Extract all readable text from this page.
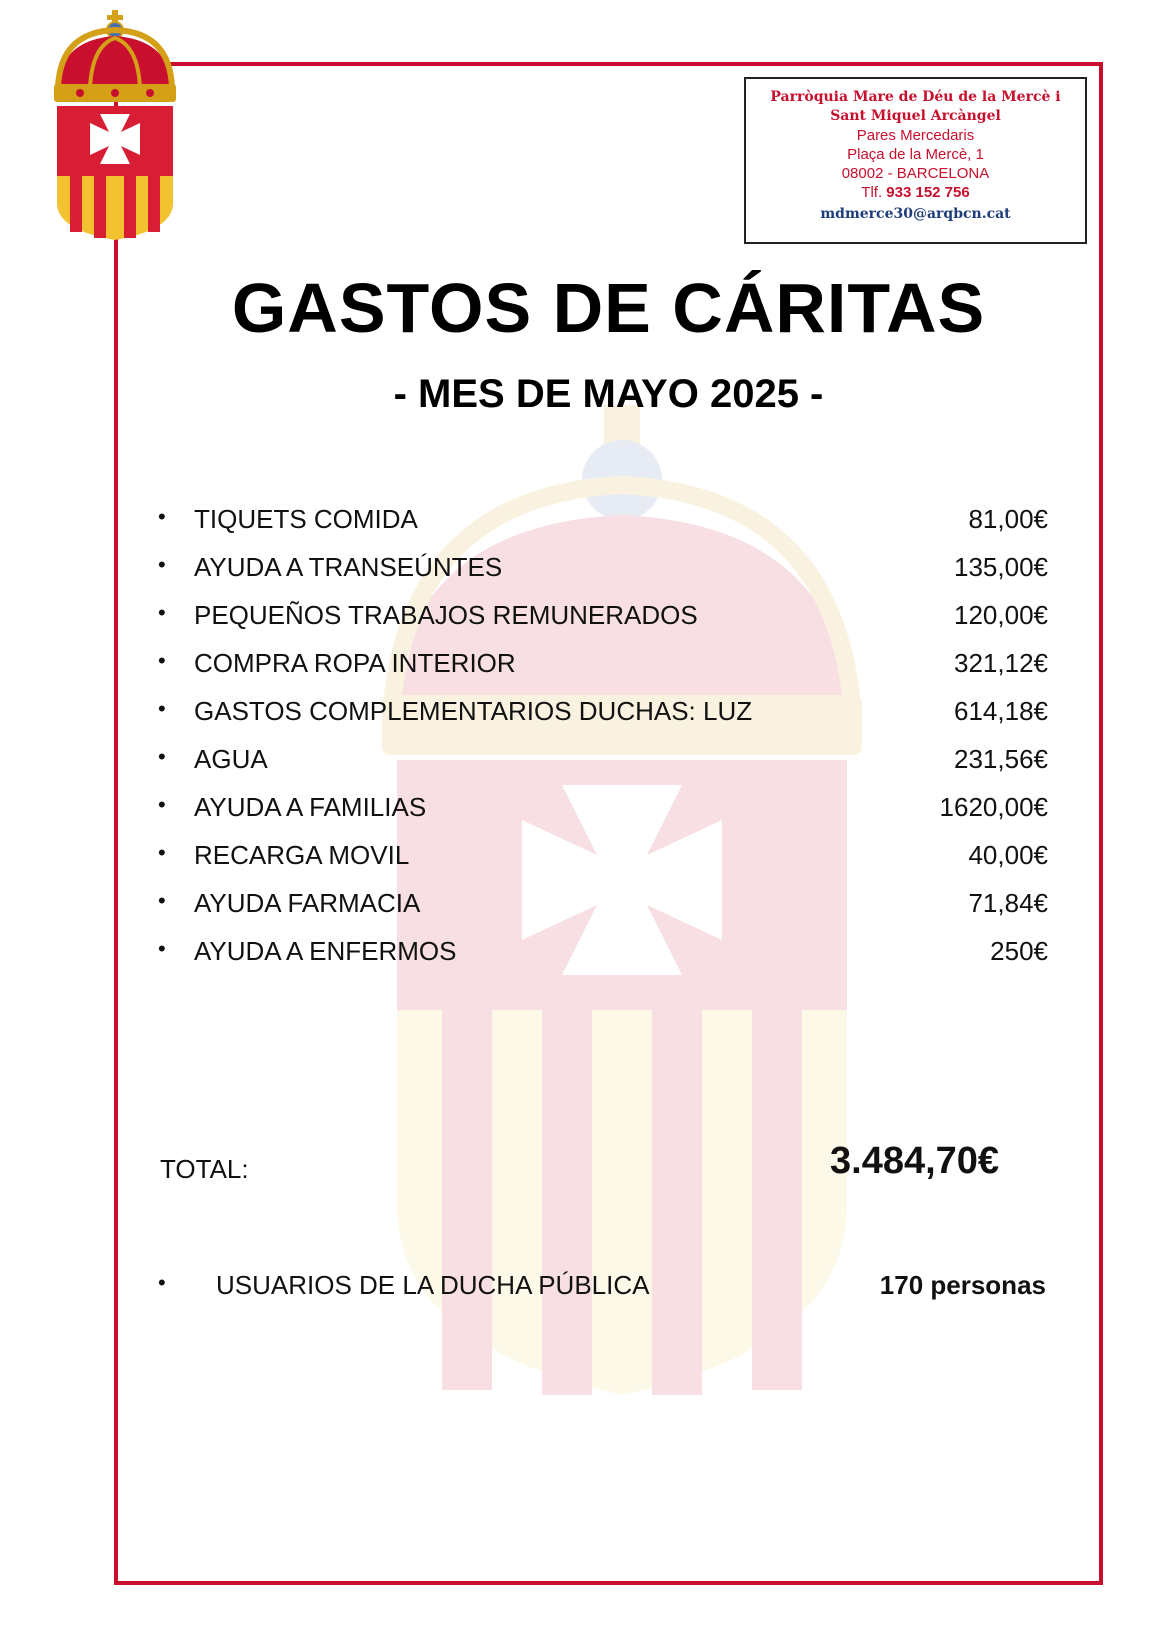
Parròquia Mare de Déu de la Mercè i
Sant Miquel Arcàngel
Pares Mercedaris
Plaça de la Mercè, 1
08002 - BARCELONA
Tlf. 933 152 756
mdmerce30@arqbcn.cat
GASTOS DE CÁRITAS
- MES DE MAYO 2025 -
• TIQUETS COMIDA	81,00€
• AYUDA A TRANSEÚNTES	135,00€
• PEQUEÑOS TRABAJOS REMUNERADOS	120,00€
• COMPRA ROPA INTERIOR	321,12€
• GASTOS COMPLEMENTARIOS DUCHAS: LUZ	614,18€
• AGUA	231,56€
• AYUDA A FAMILIAS	1620,00€
• RECARGA MOVIL	40,00€
• AYUDA FARMACIA	71,84€
• AYUDA A ENFERMOS	250€
TOTAL:	3.484,70€
• USUARIOS DE LA DUCHA PÚBLICA	170 personas
